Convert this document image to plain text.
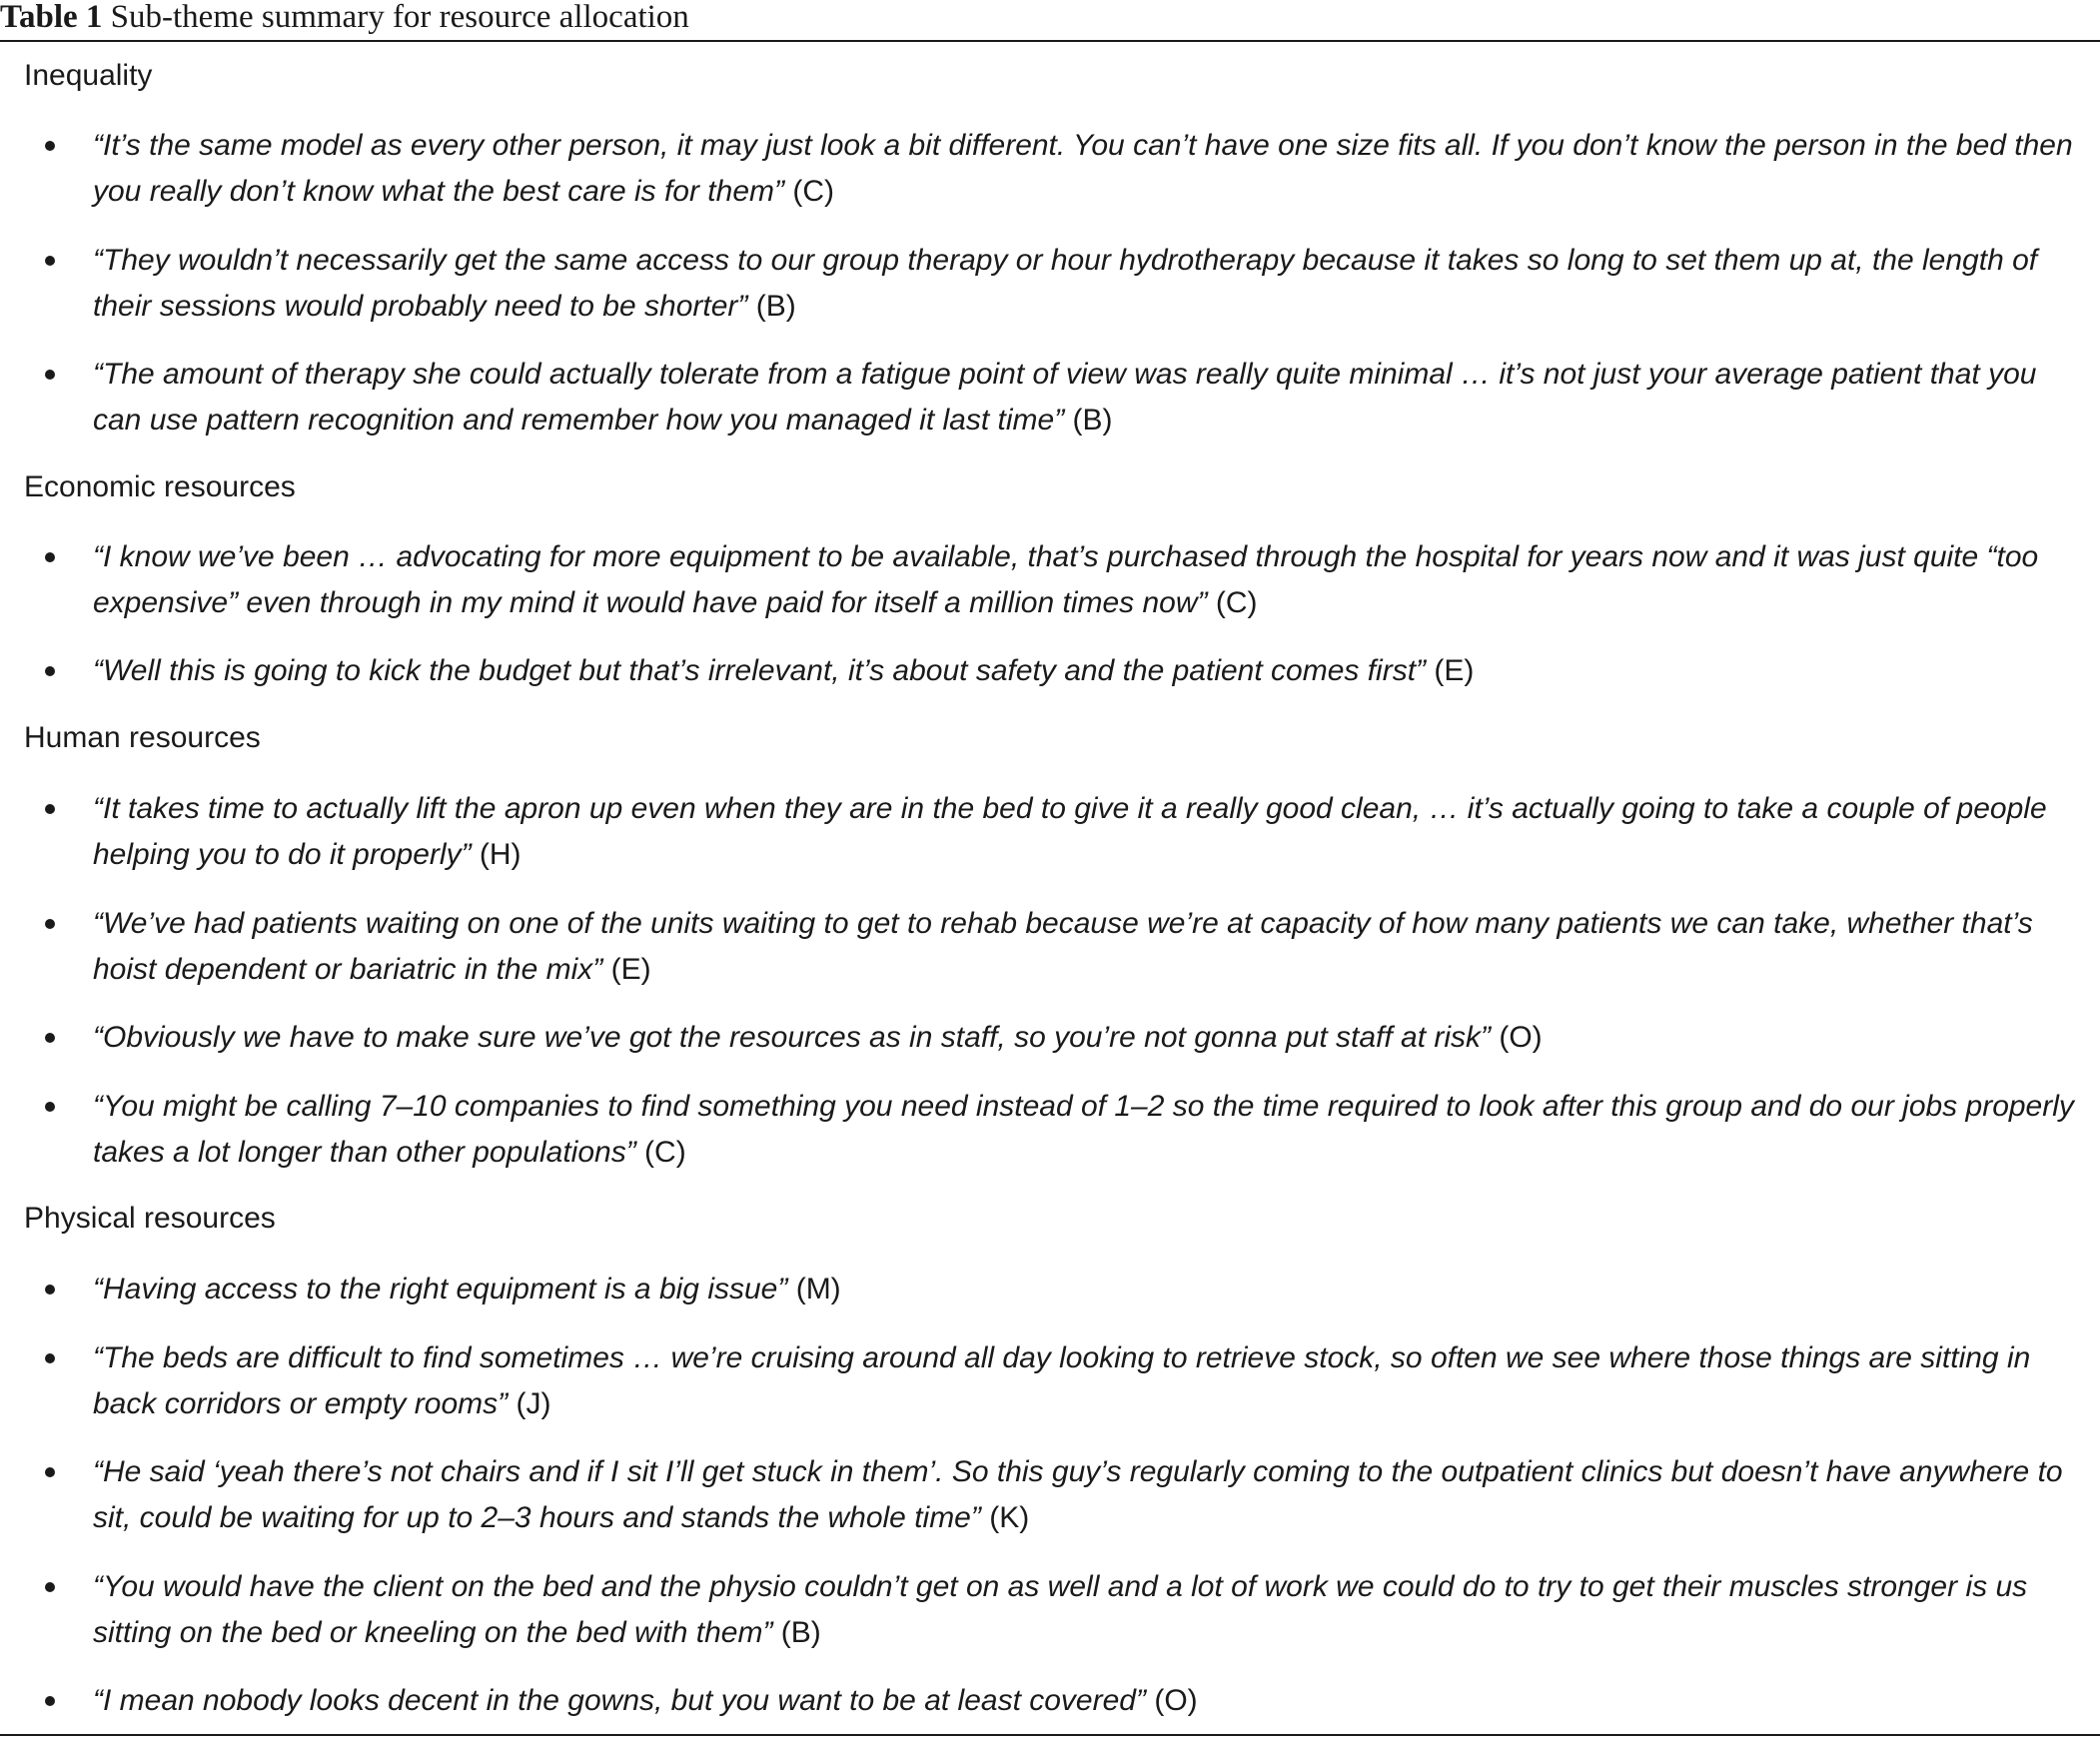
Table 1 Sub-theme summary for resource allocation
Inequality
“It’s the same model as every other person, it may just look a bit different. You can’t have one size fits all. If you don’t know the person in the bed then you really don’t know what the best care is for them” (C)
“They wouldn’t necessarily get the same access to our group therapy or hour hydrotherapy because it takes so long to set them up at, the length of their sessions would probably need to be shorter” (B)
“The amount of therapy she could actually tolerate from a fatigue point of view was really quite minimal … it’s not just your average patient that you can use pattern recognition and remember how you managed it last time” (B)
Economic resources
“I know we’ve been … advocating for more equipment to be available, that’s purchased through the hospital for years now and it was just quite “too expensive” even through in my mind it would have paid for itself a million times now” (C)
“Well this is going to kick the budget but that’s irrelevant, it’s about safety and the patient comes first” (E)
Human resources
“It takes time to actually lift the apron up even when they are in the bed to give it a really good clean, … it’s actually going to take a couple of people helping you to do it properly” (H)
“We’ve had patients waiting on one of the units waiting to get to rehab because we’re at capacity of how many patients we can take, whether that’s hoist dependent or bariatric in the mix” (E)
“Obviously we have to make sure we’ve got the resources as in staff, so you’re not gonna put staff at risk” (O)
“You might be calling 7–10 companies to find something you need instead of 1–2 so the time required to look after this group and do our jobs properly takes a lot longer than other populations” (C)
Physical resources
“Having access to the right equipment is a big issue” (M)
“The beds are difficult to find sometimes … we’re cruising around all day looking to retrieve stock, so often we see where those things are sitting in back corridors or empty rooms” (J)
“He said ‘yeah there’s not chairs and if I sit I’ll get stuck in them’. So this guy’s regularly coming to the outpatient clinics but doesn’t have anywhere to sit, could be waiting for up to 2–3 hours and stands the whole time” (K)
“You would have the client on the bed and the physio couldn’t get on as well and a lot of work we could do to try to get their muscles stronger is us sitting on the bed or kneeling on the bed with them” (B)
“I mean nobody looks decent in the gowns, but you want to be at least covered” (O)
